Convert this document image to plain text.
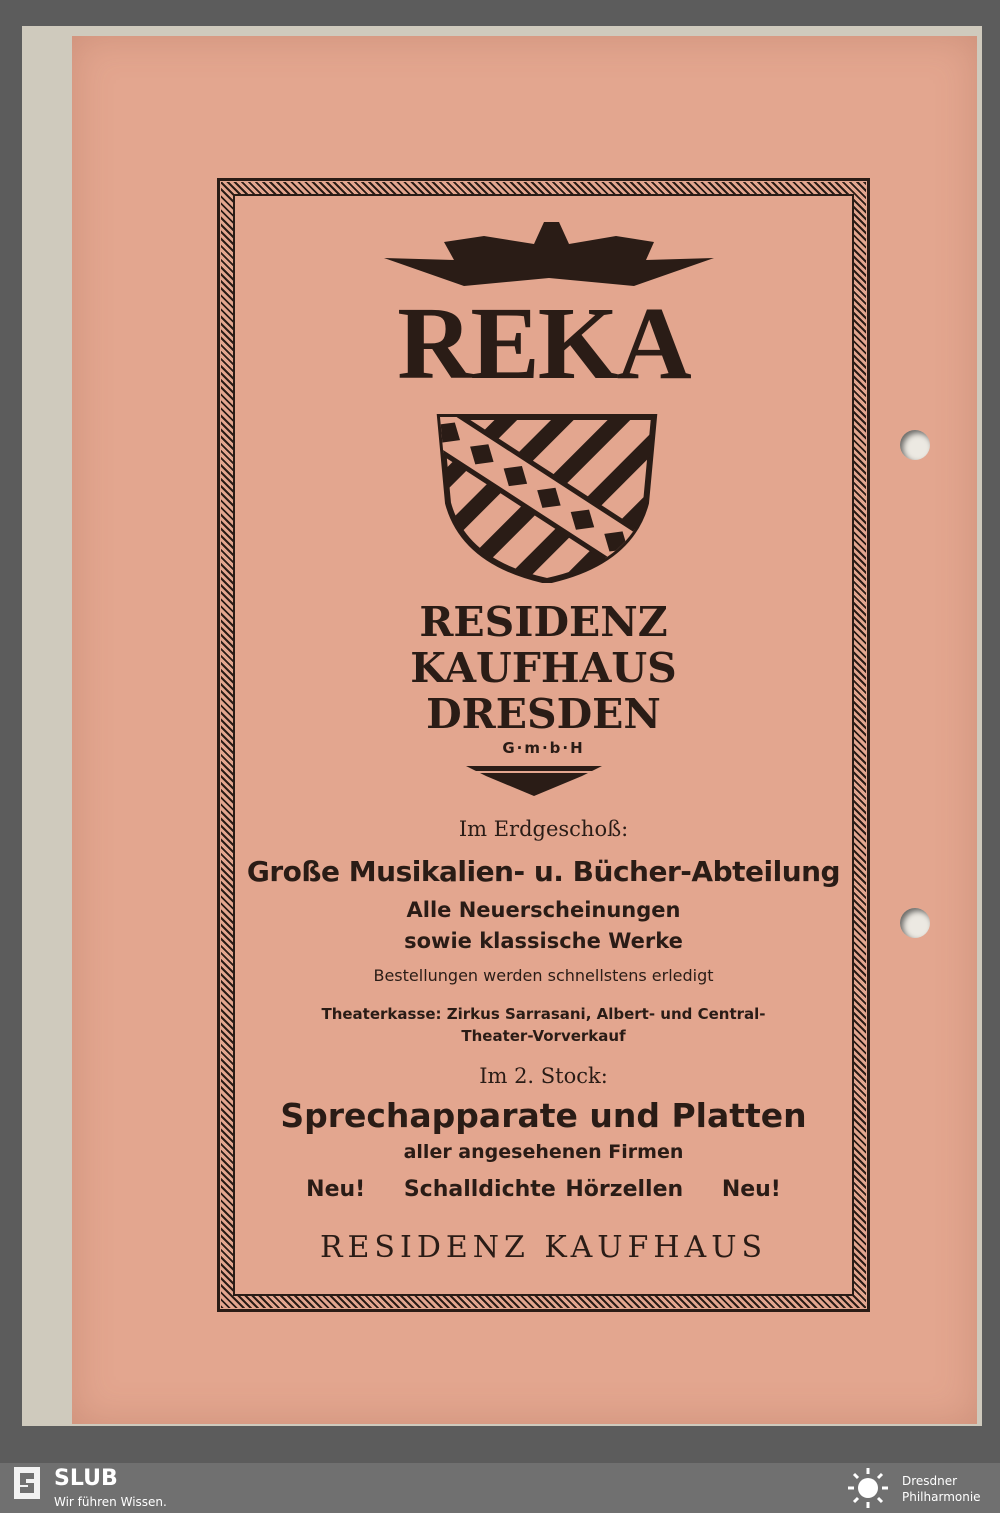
REKA

RESIDENZ

KAUFHAUS

DRESDEN

G·m·b·H

Im Erdgeschoß:

Große Musikalien- u. Bücher-Abteilung

Alle Neuerscheinungen

sowie klassische Werke

Bestellungen werden schnellstens erledigt

Theaterkasse: Zirkus Sarrasani, Albert- und Central-

Theater-Vorverkauf

Im 2. Stock:

Sprechapparate und Platten

aller angesehenen Firmen

Neu! Schalldichte Hörzellen Neu!

RESIDENZ KAUFHAUS

SLUB

Wir führen Wissen.

Dresdner

Philharmonie
